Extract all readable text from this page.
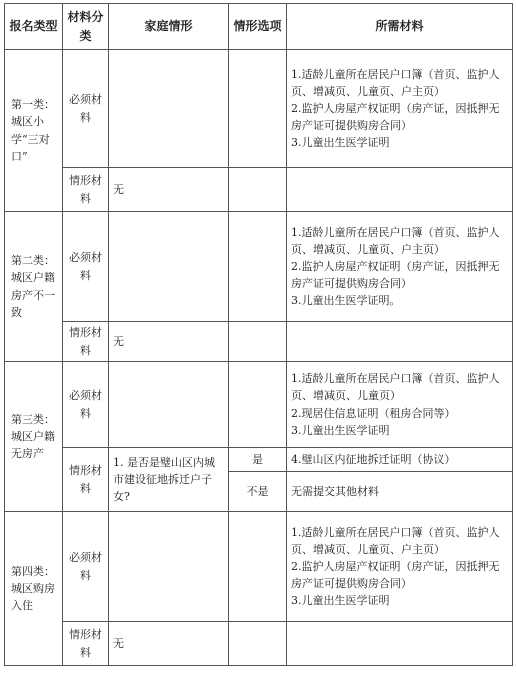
报名类型	材料分类	家庭情形	情形选项	所需材料
第一类：城区小学“三对口”	必须材料			1.适龄儿童所在居民户口簿（首页、监护人页、增减页、儿童页、户主页）
2.监护人房屋产权证明（房产证，因抵押无房产证可提供购房合同）
3.儿童出生医学证明

	情形材料	无		
第二类：城区户籍房产不一致	必须材料			1.适龄儿童所在居民户口簿（首页、监护人页、增减页、儿童页、户主页）
2.监护人房屋产权证明（房产证，因抵押无房产证可提供购房合同）
3.儿童出生医学证明。

	情形材料	无		
第三类：城区户籍无房产	必须材料			1.适龄儿童所在居民户口簿（首页、监护人页、增减页、儿童页）
2.现居住信息证明（租房合同等）
3.儿童出生医学证明

	情形材料	1. 是否是璧山区内城市建设征地拆迁户子女?	是	4.璧山区内征地拆迁证明（协议）
			不是	无需提交其他材料
第四类：城区购房入住	必须材料			1.适龄儿童所在居民户口簿（首页、监护人页、增减页、儿童页、户主页）
2.监护人房屋产权证明（房产证，因抵押无房产证可提供购房合同）
3.儿童出生医学证明

	情形材料	无		
